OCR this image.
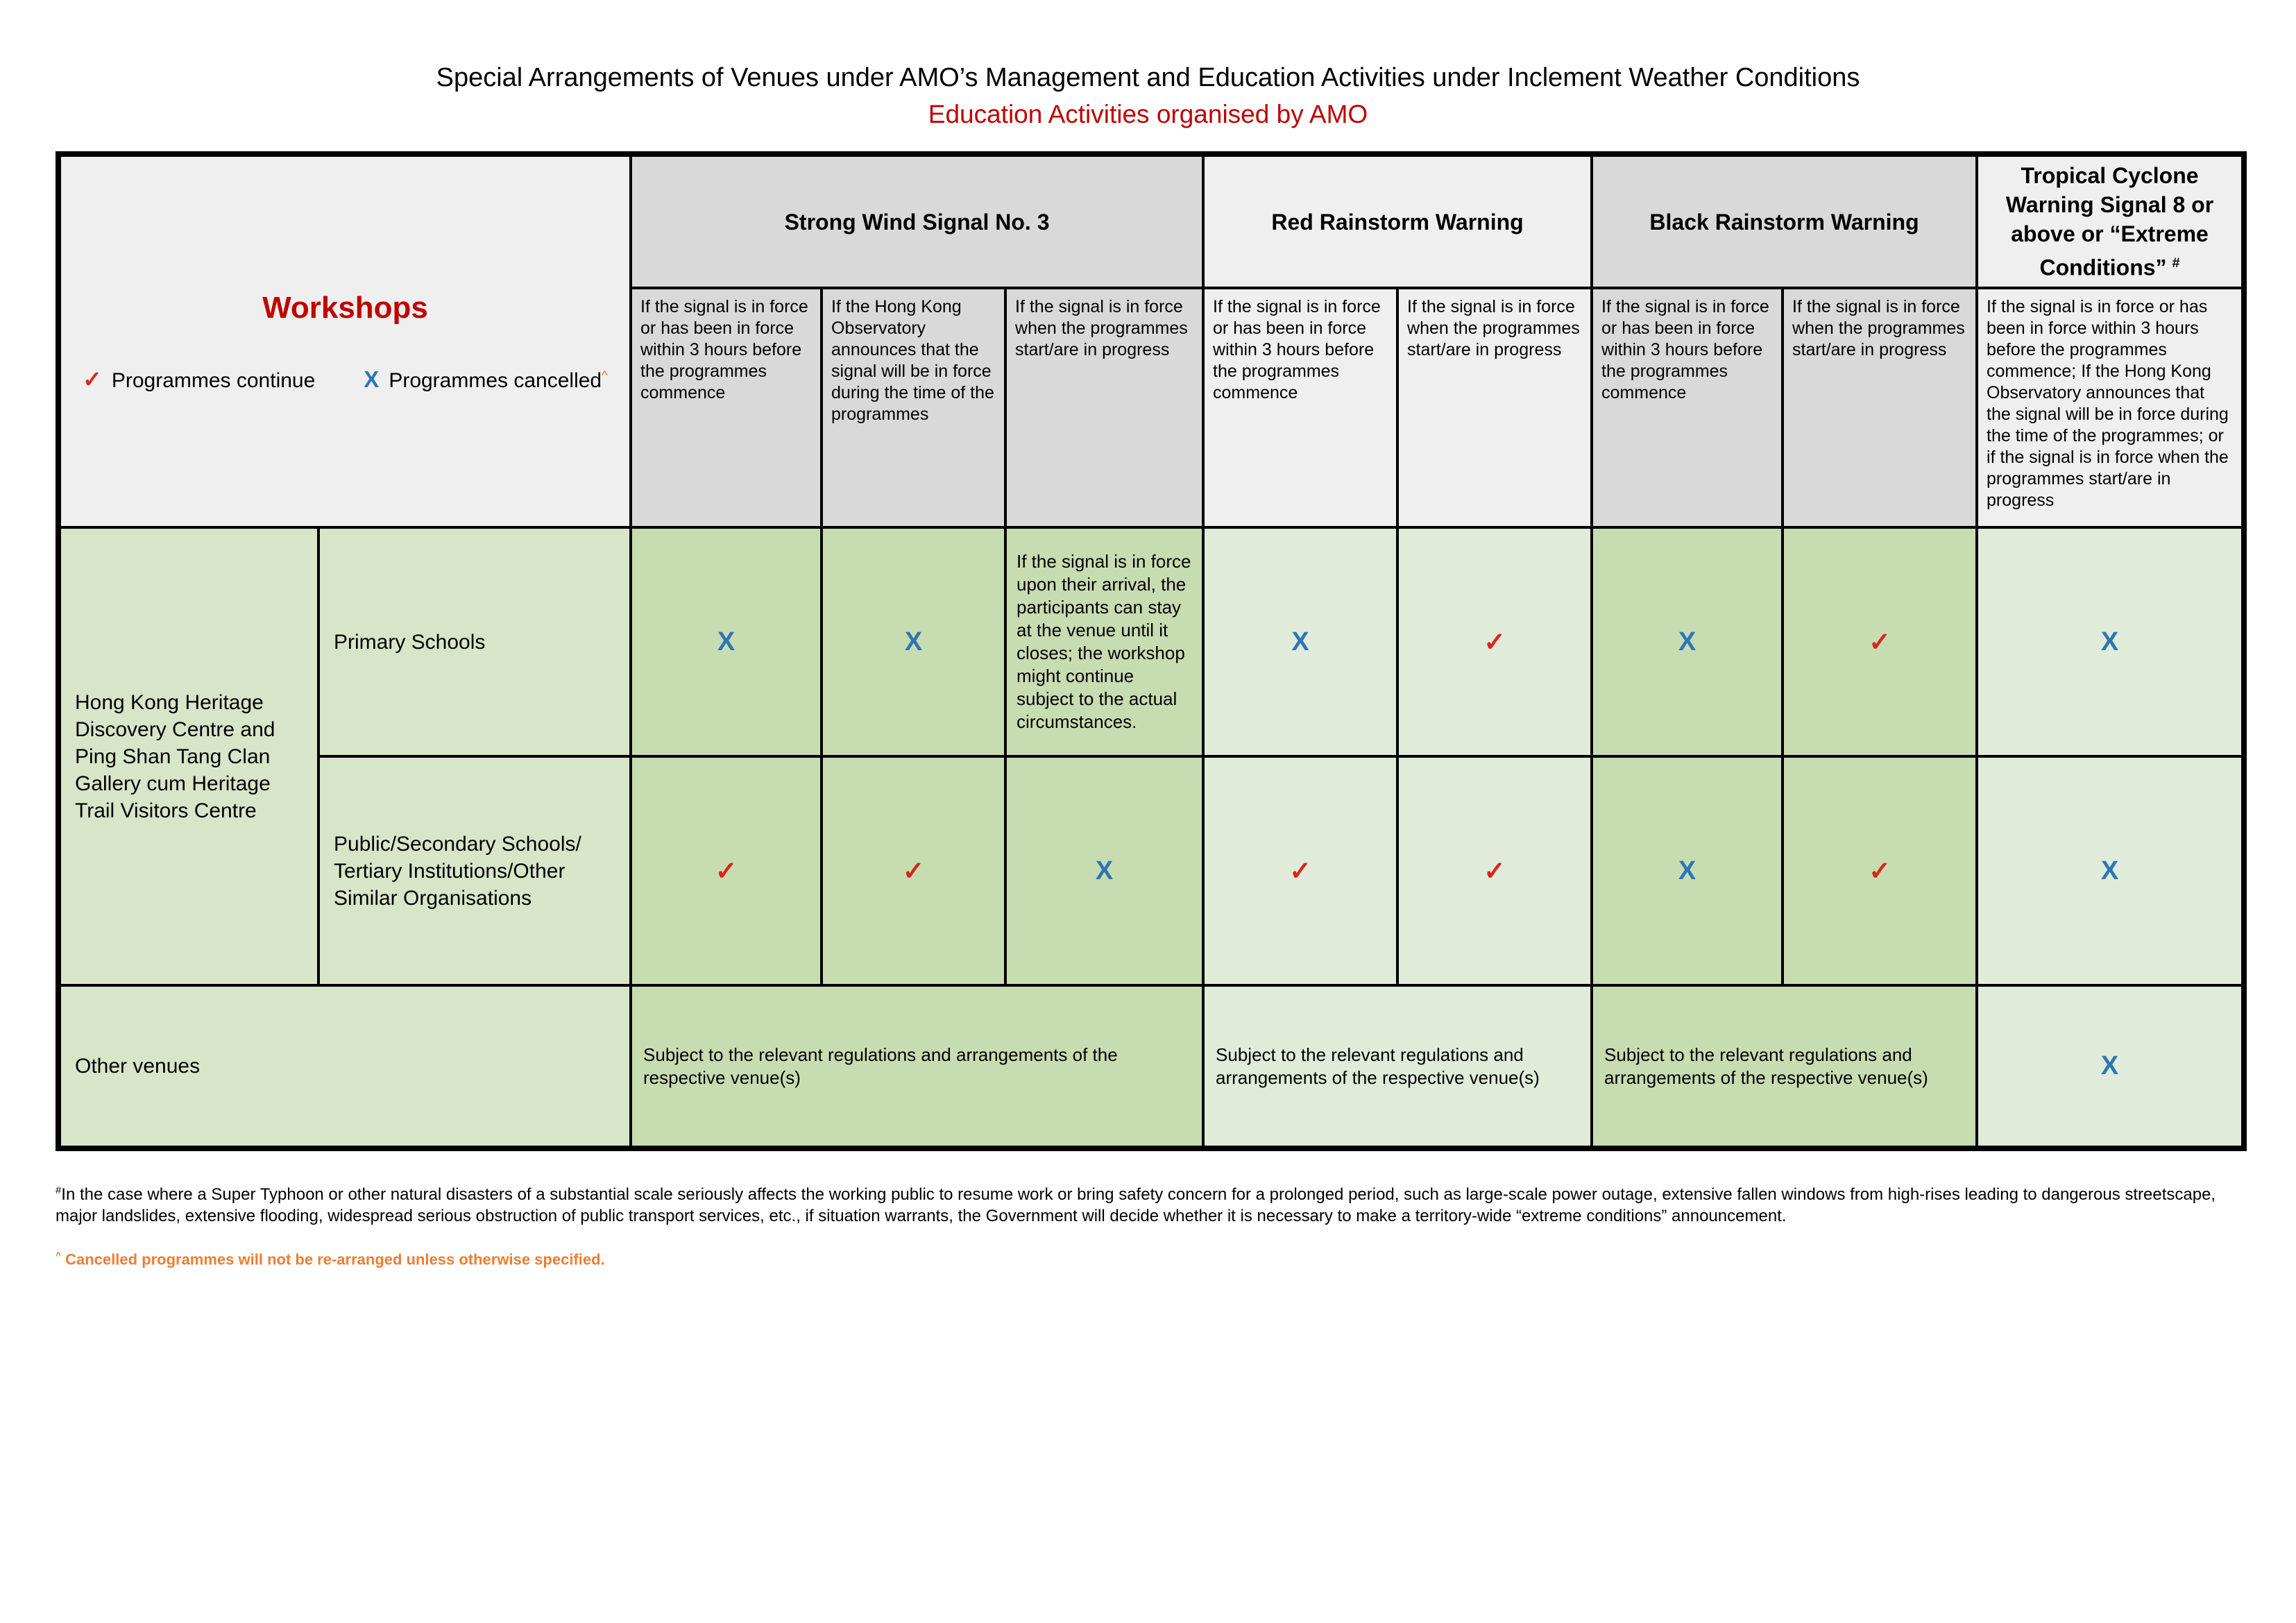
Special Arrangements of Venues under AMO’s Management and Education Activities under Inclement Weather Conditions
Education Activities organised by AMO
Workshops
✓ Programmes continue X Programmes cancelled^		Strong Wind Signal No. 3			Red Rainstorm Warning		Black Rainstorm Warning		Tropical Cyclone Warning Signal 8 or above or “Extreme Conditions” #
		If the signal is in force or has been in force within 3 hours before the programmes commence	If the Hong Kong Observatory announces that the signal will be in force during the time of the programmes	If the signal is in force when the programmes start/are in progress	If the signal is in force or has been in force within 3 hours before the programmes commence	If the signal is in force when the programmes start/are in progress	If the signal is in force or has been in force within 3 hours before the programmes commence	If the signal is in force when the programmes start/are in progress	If the signal is in force or has been in force within 3 hours before the programmes commence; If the Hong Kong Observatory announces that the signal will be in force during the time of the programmes; or if the signal is in force when the programmes start/are in progress
Hong Kong Heritage Discovery Centre and Ping Shan Tang Clan Gallery cum Heritage Trail Visitors Centre	Primary Schools	X	X	If the signal is in force upon their arrival, the participants can stay at the venue until it closes; the workshop might continue subject to the actual circumstances.	X	✓	X	✓	X
	Public/Secondary Schools/ Tertiary Institutions/Other Similar Organisations	✓	✓	X	✓	✓	X	✓	X
Other venues		Subject to the relevant regulations and arrangements of the respective venue(s)			Subject to the relevant regulations and arrangements of the respective venue(s)		Subject to the relevant regulations and arrangements of the respective venue(s)		X

#In the case where a Super Typhoon or other natural disasters of a substantial scale seriously affects the working public to resume work or bring safety concern for a prolonged period, such as large-scale power outage, extensive fallen windows from high-rises leading to dangerous streetscape, major landslides, extensive flooding, widespread serious obstruction of public transport services, etc., if situation warrants, the Government will decide whether it is necessary to make a territory-wide “extreme conditions” announcement.

^ Cancelled programmes will not be re-arranged unless otherwise specified.
